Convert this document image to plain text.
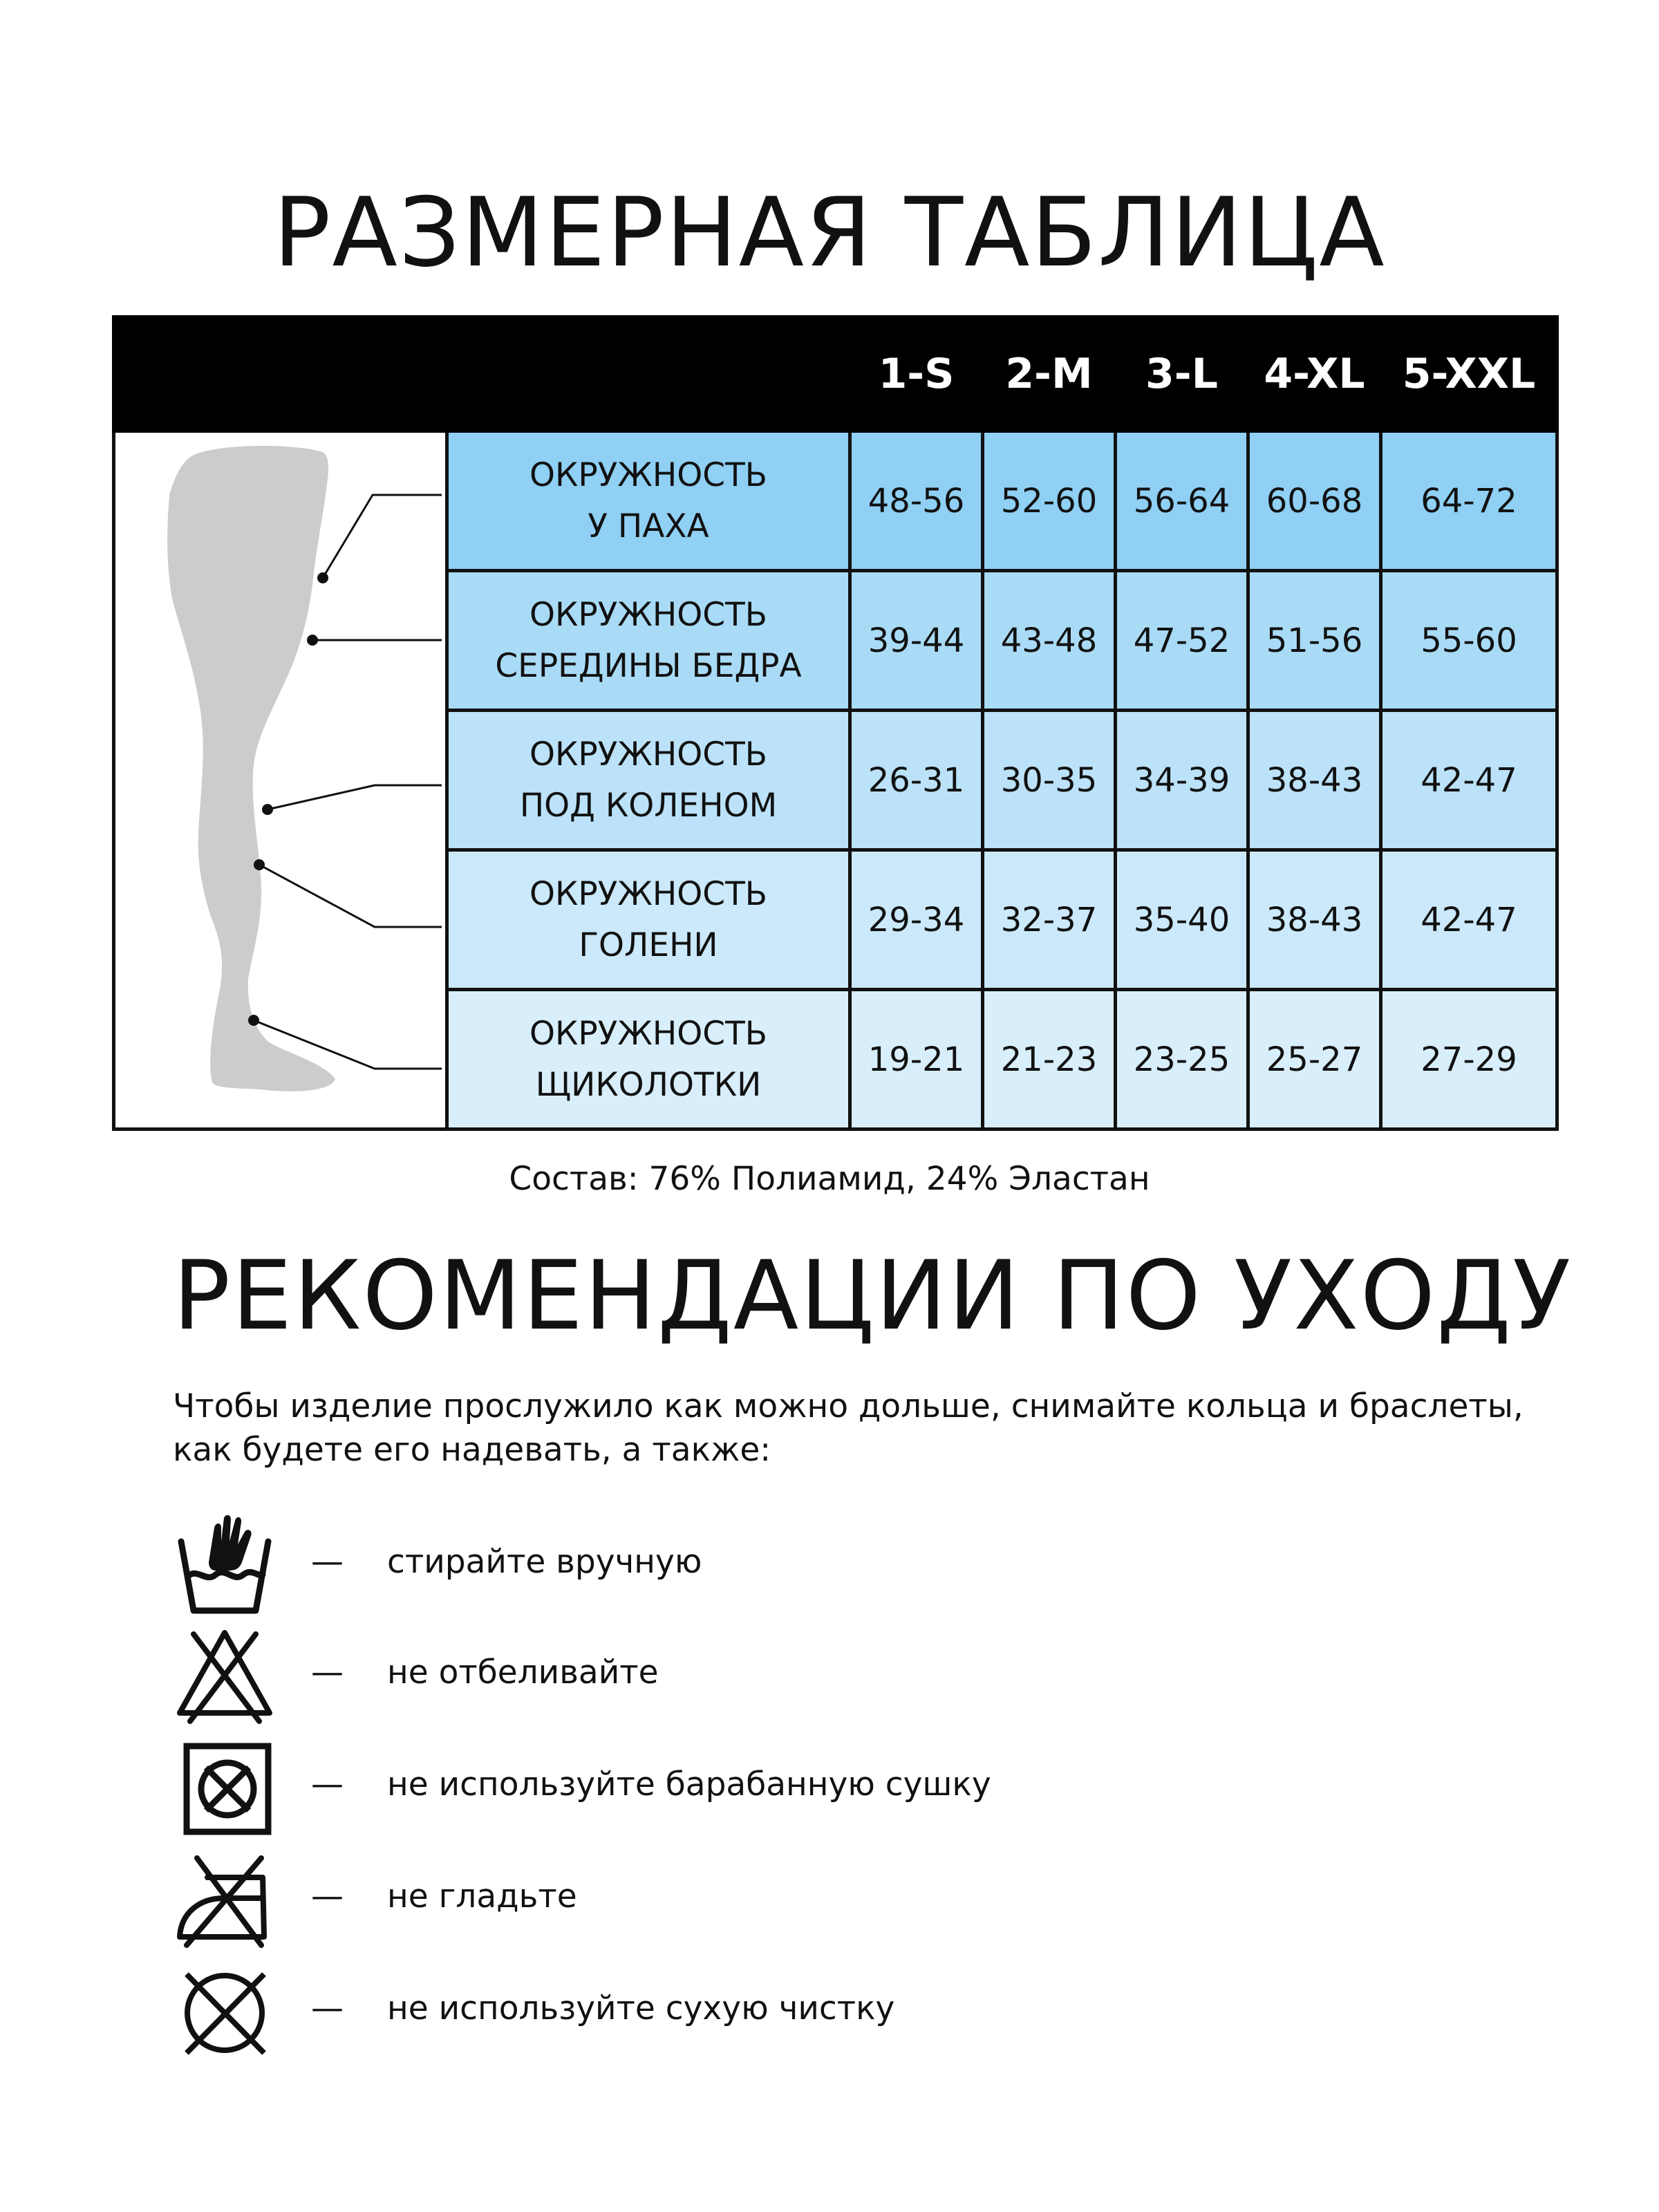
РАЗМЕРНАЯ ТАБЛИЦА
		1-S	2-M	3-L	4-XL	5-XXL

	ОКРУЖНОСТЬ
У ПАХА	48-56	52-60	56-64	60-68	64-72
	ОКРУЖНОСТЬ
СЕРЕДИНЫ БЕДРА	39-44	43-48	47-52	51-56	55-60
	ОКРУЖНОСТЬ
ПОД КОЛЕНОМ	26-31	30-35	34-39	38-43	42-47
	ОКРУЖНОСТЬ
ГОЛЕНИ	29-34	32-37	35-40	38-43	42-47
	ОКРУЖНОСТЬ
ЩИКОЛОТКИ	19-21	21-23	23-25	25-27	27-29
Состав: 76% Полиамид, 24% Эластан
РЕКОМЕНДАЦИИ ПО УХОДУ

Чтобы изделие прослужило как можно дольше, снимайте кольца и браслеты,

как будете его надевать, а также:

— стирайте вручную
— не отбеливайте
— не используйте барабанную сушку
— не гладьте
— не используйте сухую чистку
